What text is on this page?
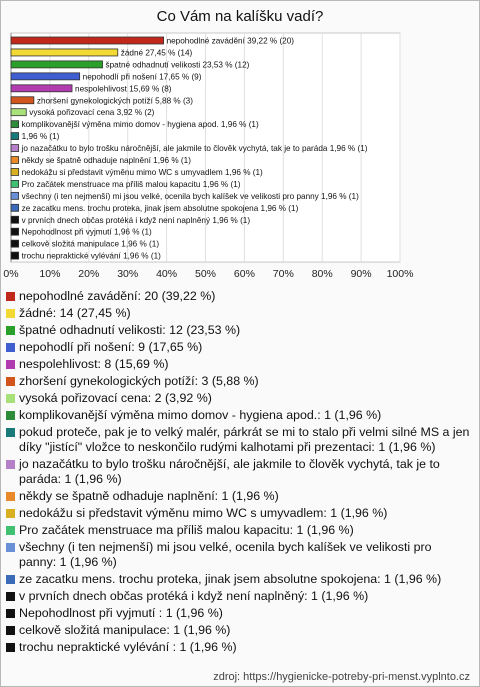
Co Vám na kalíšku vadí?
0% 10% 20% 30% 40% 50% 60% 70% 80% 90% 100%
nepohodlné zavádění 39,22 % (20)
žádné 27,45 % (14)
špatné odhadnutí velikosti 23,53 % (12)
nepohodlí při nošení 17,65 % (9)
nespolehlivost 15,69 % (8)
zhoršení gynekologických potíží 5,88 % (3)
vysoká pořizovací cena 3,92 % (2)
komplikovanější výměna mimo domov - hygiena apod. 1,96 % (1)
1,96 % (1)
jo nazačátku to bylo trošku náročnější, ale jakmile to člověk vychytá, tak je to paráda 1,96 % (1)
někdy se špatně odhaduje naplnění 1,96 % (1)
nedokážu si představit výměnu mimo WC s umyvadlem 1,96 % (1)
Pro začátek menstruace ma příliš malou kapacitu 1,96 % (1)
všechny (i ten nejmenší) mi jsou velké, ocenila bych kalíšek ve velikosti pro panny 1,96 % (1)
ze zacatku mens. trochu proteka, jinak jsem absolutne spokojena 1,96 % (1)
v prvních dnech občas protéká i když není naplněný 1,96 % (1)
Nepohodlnost při vyjmutí 1,96 % (1)
celkově složitá manipulace 1,96 % (1)
trochu nepraktické vylévání 1,96 % (1)
nepohodlné zavádění: 20 (39,22 %)
žádné: 14 (27,45 %)
špatné odhadnutí velikosti: 12 (23,53 %)
nepohodlí při nošení: 9 (17,65 %)
nespolehlivost: 8 (15,69 %)
zhoršení gynekologických potíží: 3 (5,88 %)
vysoká pořizovací cena: 2 (3,92 %)
komplikovanější výměna mimo domov - hygiena apod.: 1 (1,96 %)
pokud proteče, pak je to velký malér, párkrát se mi to stalo při velmi silné MS a jen díky "jistící" vložce to neskončilo rudými kalhotami při prezentaci: 1 (1,96 %)
jo nazačátku to bylo trošku náročnější, ale jakmile to člověk vychytá, tak je to paráda: 1 (1,96 %)
někdy se špatně odhaduje naplnění: 1 (1,96 %)
nedokážu si představit výměnu mimo WC s umyvadlem: 1 (1,96 %)
Pro začátek menstruace ma příliš malou kapacitu: 1 (1,96 %)
všechny (i ten nejmenší) mi jsou velké, ocenila bych kalíšek ve velikosti pro panny: 1 (1,96 %)
ze zacatku mens. trochu proteka, jinak jsem absolutne spokojena: 1 (1,96 %)
v prvních dnech občas protéká i když není naplněný: 1 (1,96 %)
Nepohodlnost při vyjmutí : 1 (1,96 %)
celkově složitá manipulace: 1 (1,96 %)
trochu nepraktické vylévání : 1 (1,96 %)
zdroj: https://hygienicke-potreby-pri-menst.vyplnto.cz
